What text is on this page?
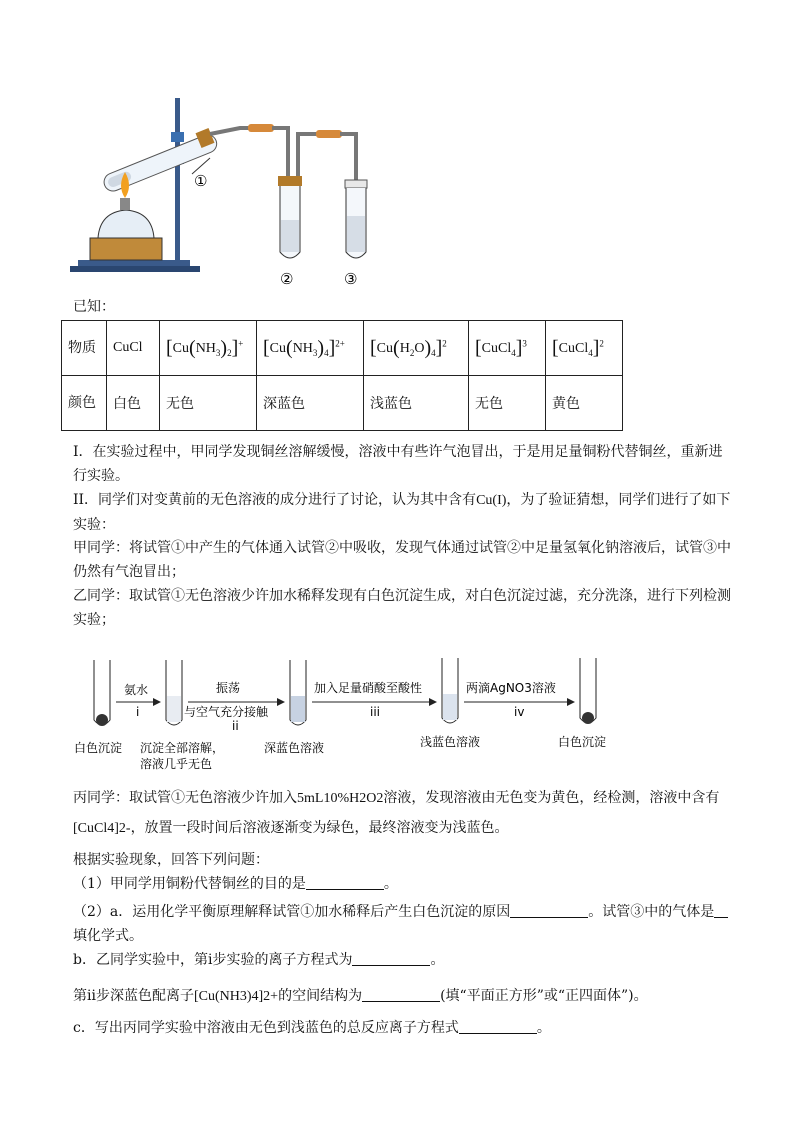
①
②	③
已知：
物质	CuCl	$[Cu(NH_3)_2]^+$	$[Cu(NH_3)_4]^{2+}$	$[Cu(H_2O)_4]^2$	[CuCl$_4$]$^3$	[CuCl$_4$]$^2$
颜色	白色	无色	深蓝色	浅蓝色	无色	黄色

I．在实验过程中，甲同学发现铜丝溶解缓慢，溶液中有些许气泡冒出，于是用足量铜粉代替铜丝，重新进行实验。

II．同学们对变黄前的无色溶液的成分进行了讨论，认为其中含有Cu(I)，为了验证猜想，同学们进行了如下实验：

甲同学：将试管①中产生的气体通入试管②中吸收，发现气体通过试管②中足量氢氧化钠溶液后，试管③中仍然有气泡冒出；

乙同学：取试管①无色溶液少许加水稀释发现有白色沉淀生成，对白色沉淀过滤，充分洗涤，进行下列检测实验；

氨水
i
振荡
与空气充分接触
ii
加入足量硝酸至酸性
iii
两滴AgNO3溶液
iv
白色沉淀 沉淀全部溶解，
溶液几乎无色
深蓝色溶液	浅蓝色溶液	白色沉淀

丙同学：取试管①无色溶液少许加入5mL10%H2O2溶液，发现溶液由无色变为黄色，经检测，溶液中含有

[CuCl4]2-，放置一段时间后溶液逐渐变为绿色，最终溶液变为浅蓝色。

根据实验现象，回答下列问题：

（1）甲同学用铜粉代替铜丝的目的是	。

（2）a．运用化学平衡原理解释试管①加水稀释后产生白色沉淀的原因	。试管③中的气体是

填化学式。

b．乙同学实验中，第ⅰ步实验的离子方程式为	。

第ⅱ步深蓝色配离子[Cu(NH3)4]2+的空间结构为	(填“平面正方形”或“正四面体”)。

c．写出丙同学实验中溶液由无色到浅蓝色的总反应离子方程式	。
